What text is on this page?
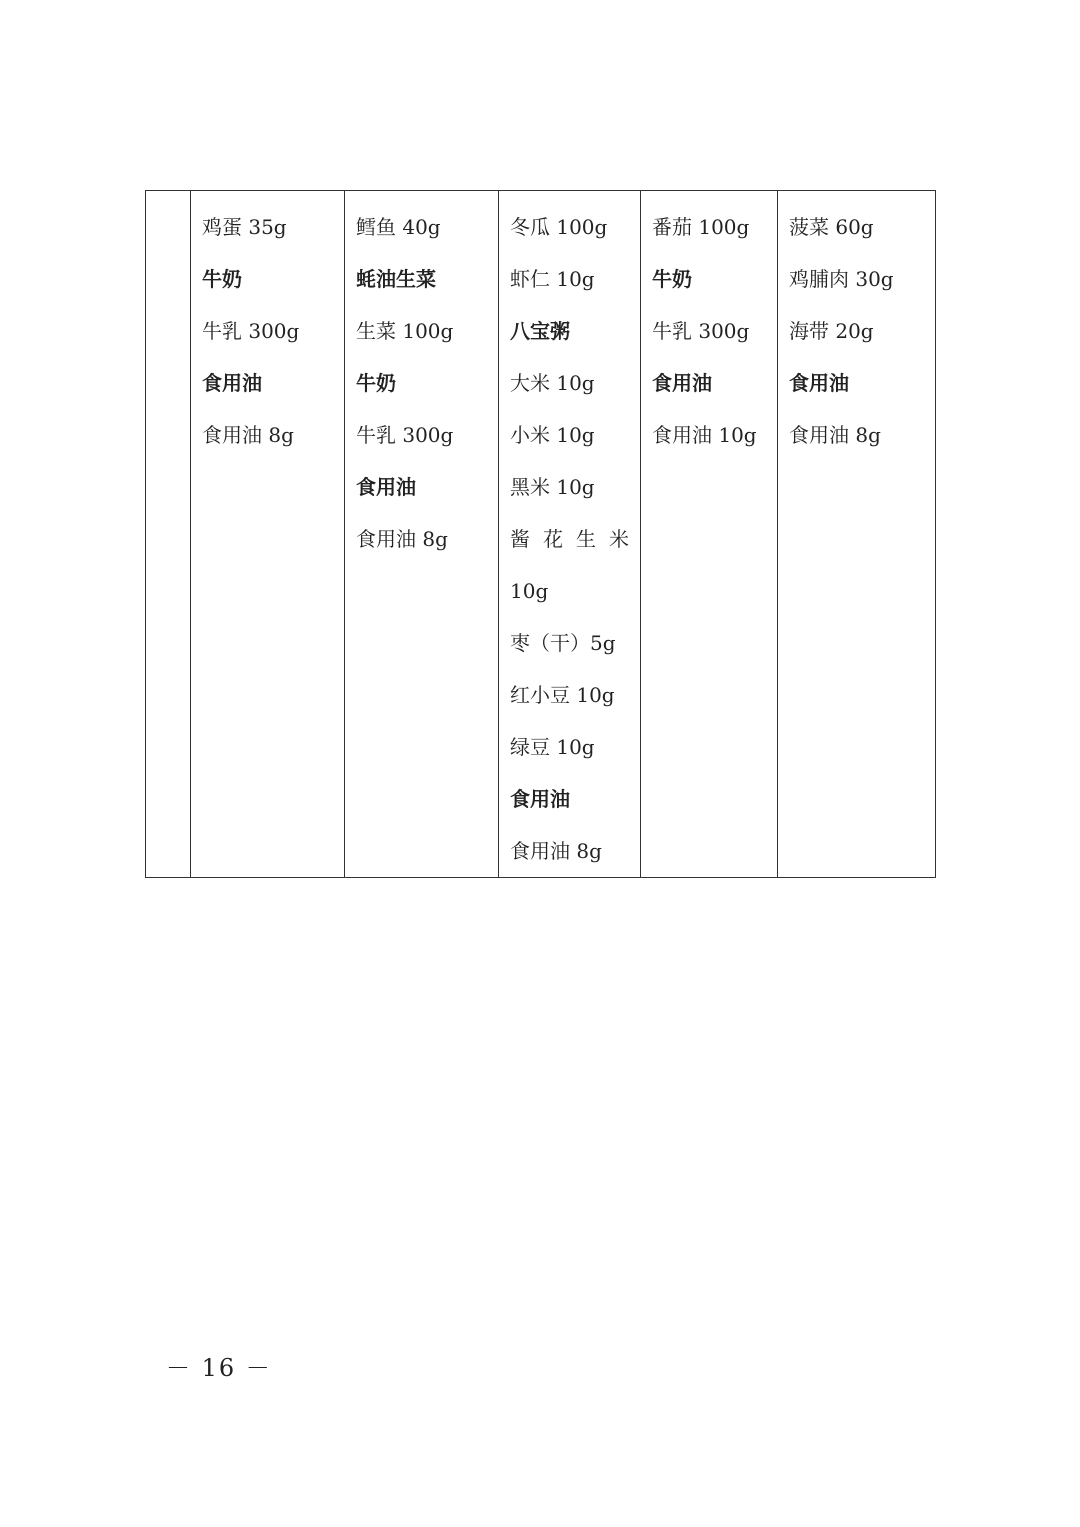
鸡蛋 35g
牛奶
牛乳 300g
食用油
食用油 8g

鳕鱼 40g
蚝油生菜
生菜 100g
牛奶
牛乳 300g
食用油
食用油 8g

冬瓜 100g
虾仁 10g
八宝粥
大米 10g
小米 10g
黑米 10g
酱花生米
10g
枣（干）5g
红小豆 10g
绿豆 10g
食用油
食用油 8g

番茄 100g
牛奶
牛乳 300g
食用油
食用油 10g

菠菜 60g
鸡脯肉 30g
海带 20g
食用油
食用油 8g
－ 16 －
